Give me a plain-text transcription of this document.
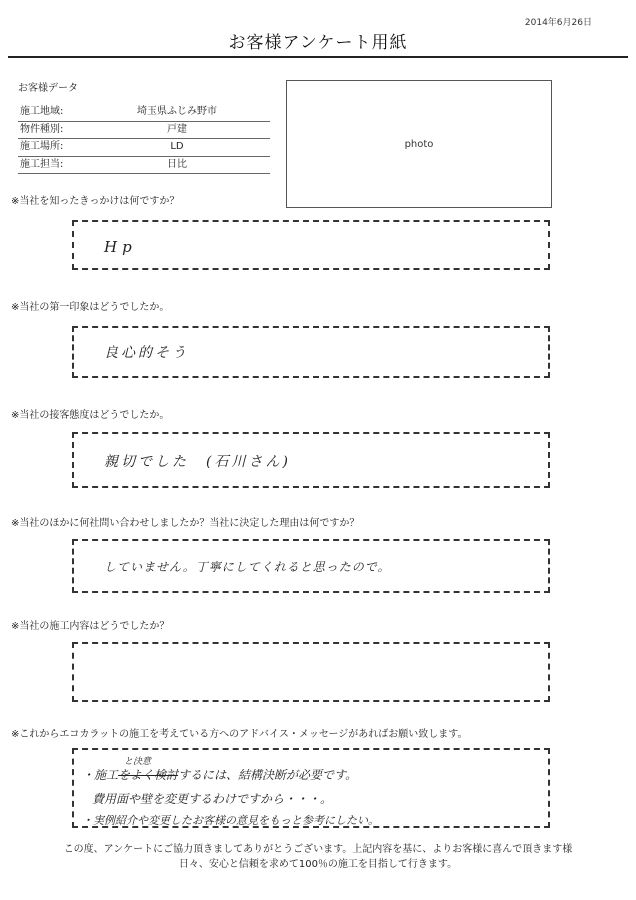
2014年6月26日
お客様アンケート用紙
お客様データ
施工地域:	埼玉県ふじみ野市
物件種別:	戸建
施工場所:	LD
施工担当:	日比
photo
※当社を知ったきっかけは何ですか？
Hp
※当社の第一印象はどうでしたか。
良心的そう
※当社の接客態度はどうでしたか。
親切でした　(石川さん)
※当社のほかに何社問い合わせしましたか？当社に決定した理由は何ですか？
していません。丁寧にしてくれると思ったので。
※当社の施工内容はどうでしたか？
※これからエコカラットの施工を考えている方へのアドバイス・メッセージがあればお願い致します。
と決意
・施工をよく検討するには、結構決断が必要です。
費用面や壁を変更するわけですから・・・。
・実例紹介や変更したお客様の意見をもっと参考にしたい。
この度、アンケートにご協力頂きましてありがとうございます。上記内容を基に、よりお客様に喜んで頂きます様
日々、安心と信頼を求めて100％の施工を目指して行きます。
